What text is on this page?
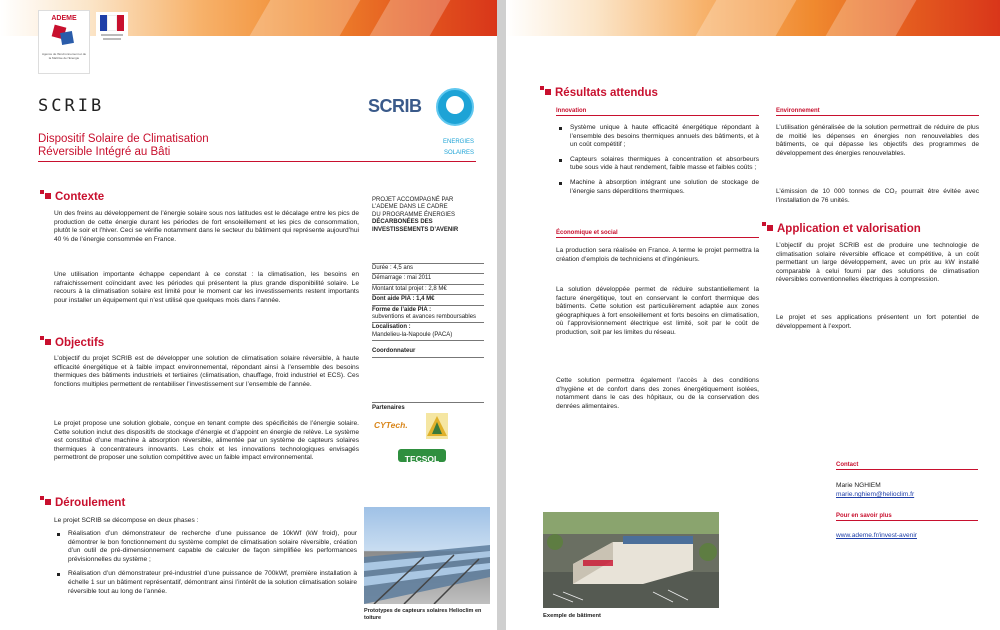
ADEME
Agence de l'Environnement et de la Maîtrise de l'Energie
SCRIB	SCRIB
Dispositif Solaire de Climatisation
Réversible Intégré au Bâti
ENERGIES
SOLAIRES
Contexte
Un des freins au développement de l’énergie solaire sous nos latitudes est le décalage entre les pics de production de cette énergie durant les périodes de fort ensoleillement et les pics de consommation, plutôt le soir et l’hiver. Ceci se vérifie notamment dans le secteur du bâtiment qui représente aujourd’hui 40 % de l’énergie consommée en France.
Une utilisation importante échappe cependant à ce constat : la climatisation, les besoins en rafraichissement coïncidant avec les périodes qui présentent la plus grande disponibilité solaire. Le recours à la climatisation solaire est limité pour le moment car les investissements restent importants pour installer un équipement qui n’est utilisé que quelques mois dans l’année.
Objectifs
L’objectif du projet SCRIB est de développer une solution de climatisation solaire réversible, à haute efficacité énergétique et à faible impact environnemental, répondant ainsi à l’ensemble des besoins thermiques des bâtiments industriels et tertiaires (climatisation, chauffage, froid industriel et ECS). Ces fonctions multiples permettent de rentabiliser l’investissement sur l’ensemble de l’année.
Le projet propose une solution globale, conçue en tenant compte des spécificités de l’énergie solaire. Cette solution inclut des dispositifs de stockage d’énergie et d’appoint en énergie de relève. Le système est constitué d’une machine à absorption réversible, alimentée par un système de capteurs solaires thermiques à concentrateurs innovants. Les choix et les innovations technologiques envisagés permettront de proposer une solution compétitive avec un faible impact environnemental.
Déroulement
Le projet SCRIB se décompose en deux phases :
Réalisation d’un démonstrateur de recherche d’une puissance de 10kWf (kW froid), pour démontrer le bon fonctionnement du système complet de climatisation solaire réversible, création d’un outil de pré-dimensionnement capable de calculer de façon simplifiée les performances prévisionnelles du système ;
Réalisation d’un démonstrateur pré-industriel d’une puissance de 700kWf, première installation à échelle 1 sur un bâtiment représentatif, démontrant ainsi l’intérêt de la solution climatisation solaire réversible tout au long de l’année.
PROJET ACCOMPAGNÉ PAR
L’ADEME DANS LE CADRE
DU PROGRAMME ÉNERGIES
DÉCARBONÉES DES
INVESTISSEMENTS D’AVENIR
Durée : 4,5 ans
Démarrage : mai 2011
Montant total projet : 2,8 M€
Dont aide PIA : 1,4 M€
Forme de l’aide PIA :
subventions et avances remboursables
Localisation :
Mandelieu-la-Napoule (PACA)
Coordonnateur
Partenaires
CYTech.
TECSOL
Prototypes de capteurs solaires Helioclim en toiture
Résultats attendus
Innovation
Système unique à haute efficacité énergétique répondant à l’ensemble des besoins thermiques annuels des bâtiments, et à un coût compétitif ;
Capteurs solaires thermiques à concentration et absorbeurs tube sous vide à haut rendement, faible masse et faibles coûts ;
Machine à absorption intégrant une solution de stockage de l’énergie sans déperditions thermiques.
Économique et social
La production sera réalisée en France. A terme le projet permettra la création d’emplois de techniciens et d’ingénieurs.
La solution développée permet de réduire substantiellement la facture énergétique, tout en conservant le confort thermique des bâtiments. Cette solution est particulièrement adaptée aux zones géographiques à fort ensoleillement et forts besoins en climatisation, où l’approvisionnement électrique est limité, soit par le coût de production, soit par les limites du réseau.
Cette solution permettra également l’accès à des conditions d’hygiène et de confort dans des zones énergétiquement isolées, notamment dans le cas des hôpitaux, ou de la conservation des denrées alimentaires.
Environnement
L’utilisation généralisée de la solution permettrait de réduire de plus de moitié les dépenses en énergies non renouvelables des bâtiments, ce qui dépasse les objectifs des programmes de développement des énergies renouvelables.
L’émission de 10 000 tonnes de CO₂ pourrait être évitée avec l’installation de 76 unités.
Application et valorisation
L’objectif du projet SCRIB est de produire une technologie de climatisation solaire réversible efficace et compétitive, à un coût permettant un large développement, avec un prix au kW installé comparable à celui fourni par des solutions de climatisation réversibles conventionnelles électriques à compression.
Le projet et ses applications présentent un fort potentiel de développement à l’export.
Contact
Marie NGHIEM
marie.nghiem@helioclim.fr
Pour en savoir plus
www.ademe.fr/invest-avenir
Exemple de bâtiment
